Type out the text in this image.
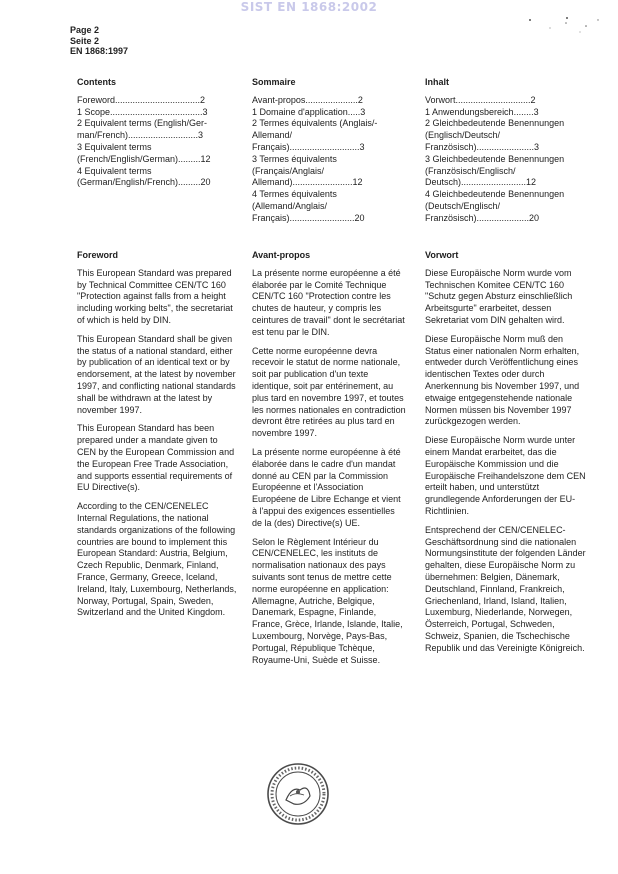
SIST EN 1868:2002
Page 2
Seite 2
EN 1868:1997
Contents
Foreword..................................2
1 Scope.....................................3
2 Equivalent terms (English/Ger-
man/French)............................3
3 Equivalent terms
(French/English/German).........12
4 Equivalent terms
(German/English/French).........20
Sommaire
Avant-propos.....................2
1 Domaine d'application.....3
2 Termes équivalents (Anglais/-
Allemand/
Français)............................3
3 Termes équivalents
(Français/Anglais/
Allemand)........................12
4 Termes équivalents
(Allemand/Anglais/
Français)..........................20
Inhalt
Vorwort..............................2
1 Anwendungsbereich........3
2 Gleichbedeutende Benennungen
(Englisch/Deutsch/
Französisch).......................3
3 Gleichbedeutende Benennungen
(Französisch/Englisch/
Deutsch)..........................12
4 Gleichbedeutende Benennungen
(Deutsch/Englisch/
Französisch).....................20
Foreword
This European Standard was prepared by Technical Committee CEN/TC 160 "Protection against falls from a height including working belts", the secretariat of which is held by DIN.
This European Standard shall be given the status of a national standard, either by publication of an identical text or by endorsement, at the latest by november 1997, and conflicting national standards shall be withdrawn at the latest by november 1997.
This European Standard has been prepared under a mandate given to CEN by the European Commission and the European Free Trade Association, and supports essential requirements of EU Directive(s).
According to the CEN/CENELEC Internal Regulations, the national standards organizations of the following countries are bound to implement this European Standard: Austria, Belgium, Czech Republic, Denmark, Finland, France, Germany, Greece, Iceland, Ireland, Italy, Luxembourg, Netherlands, Norway, Portugal, Spain, Sweden, Switzerland and the United Kingdom.
Avant-propos
La présente norme européenne a été élaborée par le Comité Technique CEN/TC 160 "Protection contre les chutes de hauteur, y compris les ceintures de travail" dont le secrétariat est tenu par le DIN.
Cette norme européenne devra recevoir le statut de norme nationale, soit par publication d'un texte identique, soit par entérinement, au plus tard en novembre 1997, et toutes les normes nationales en contradiction devront être retirées au plus tard en novembre 1997.
La présente norme européenne à été élaborée dans le cadre d'un mandat donné au CEN par la Commission Européenne et l'Association Européene de Libre Echange et vient à l'appui des exigences essentielles de la (des) Directive(s) UE.
Selon le Règlement Intérieur du CEN/CENELEC, les instituts de normalisation nationaux des pays suivants sont tenus de mettre cette norme européenne en application: Allemagne, Autriche, Belgique, Danemark, Espagne, Finlande, France, Grèce, Irlande, Islande, Italie, Luxembourg, Norvège, Pays-Bas, Portugal, République Tchèque, Royaume-Uni, Suède et Suisse.
Vorwort
Diese Europäische Norm wurde vom Technischen Komitee CEN/TC 160 "Schutz gegen Absturz einschließlich Arbeitsgurte" erarbeitet, dessen Sekretariat vom DIN gehalten wird.
Diese Europäische Norm muß den Status einer nationalen Norm erhalten, entweder durch Veröffentlichung eines identischen Textes oder durch Anerkennung bis November 1997, und etwaige entgegenstehende nationale Normen müssen bis November 1997 zurückgezogen werden.
Diese Europäische Norm wurde unter einem Mandat erarbeitet, das die Europäische Kommission und die Europäische Freihandelszone dem CEN erteilt haben, und unterstützt grundlegende Anforderungen der EU-Richtlinien.
Entsprechend der CEN/CENELEC-Geschäftsordnung sind die nationalen Normungsinstitute der folgenden Länder gehalten, diese Europäische Norm zu übernehmen: Belgien, Dänemark, Deutschland, Finnland, Frankreich, Griechenland, Irland, Island, Italien, Luxemburg, Niederlande, Norwegen, Österreich, Portugal, Schweden, Schweiz, Spanien, die Tschechische Republik und das Vereinigte Königreich.
